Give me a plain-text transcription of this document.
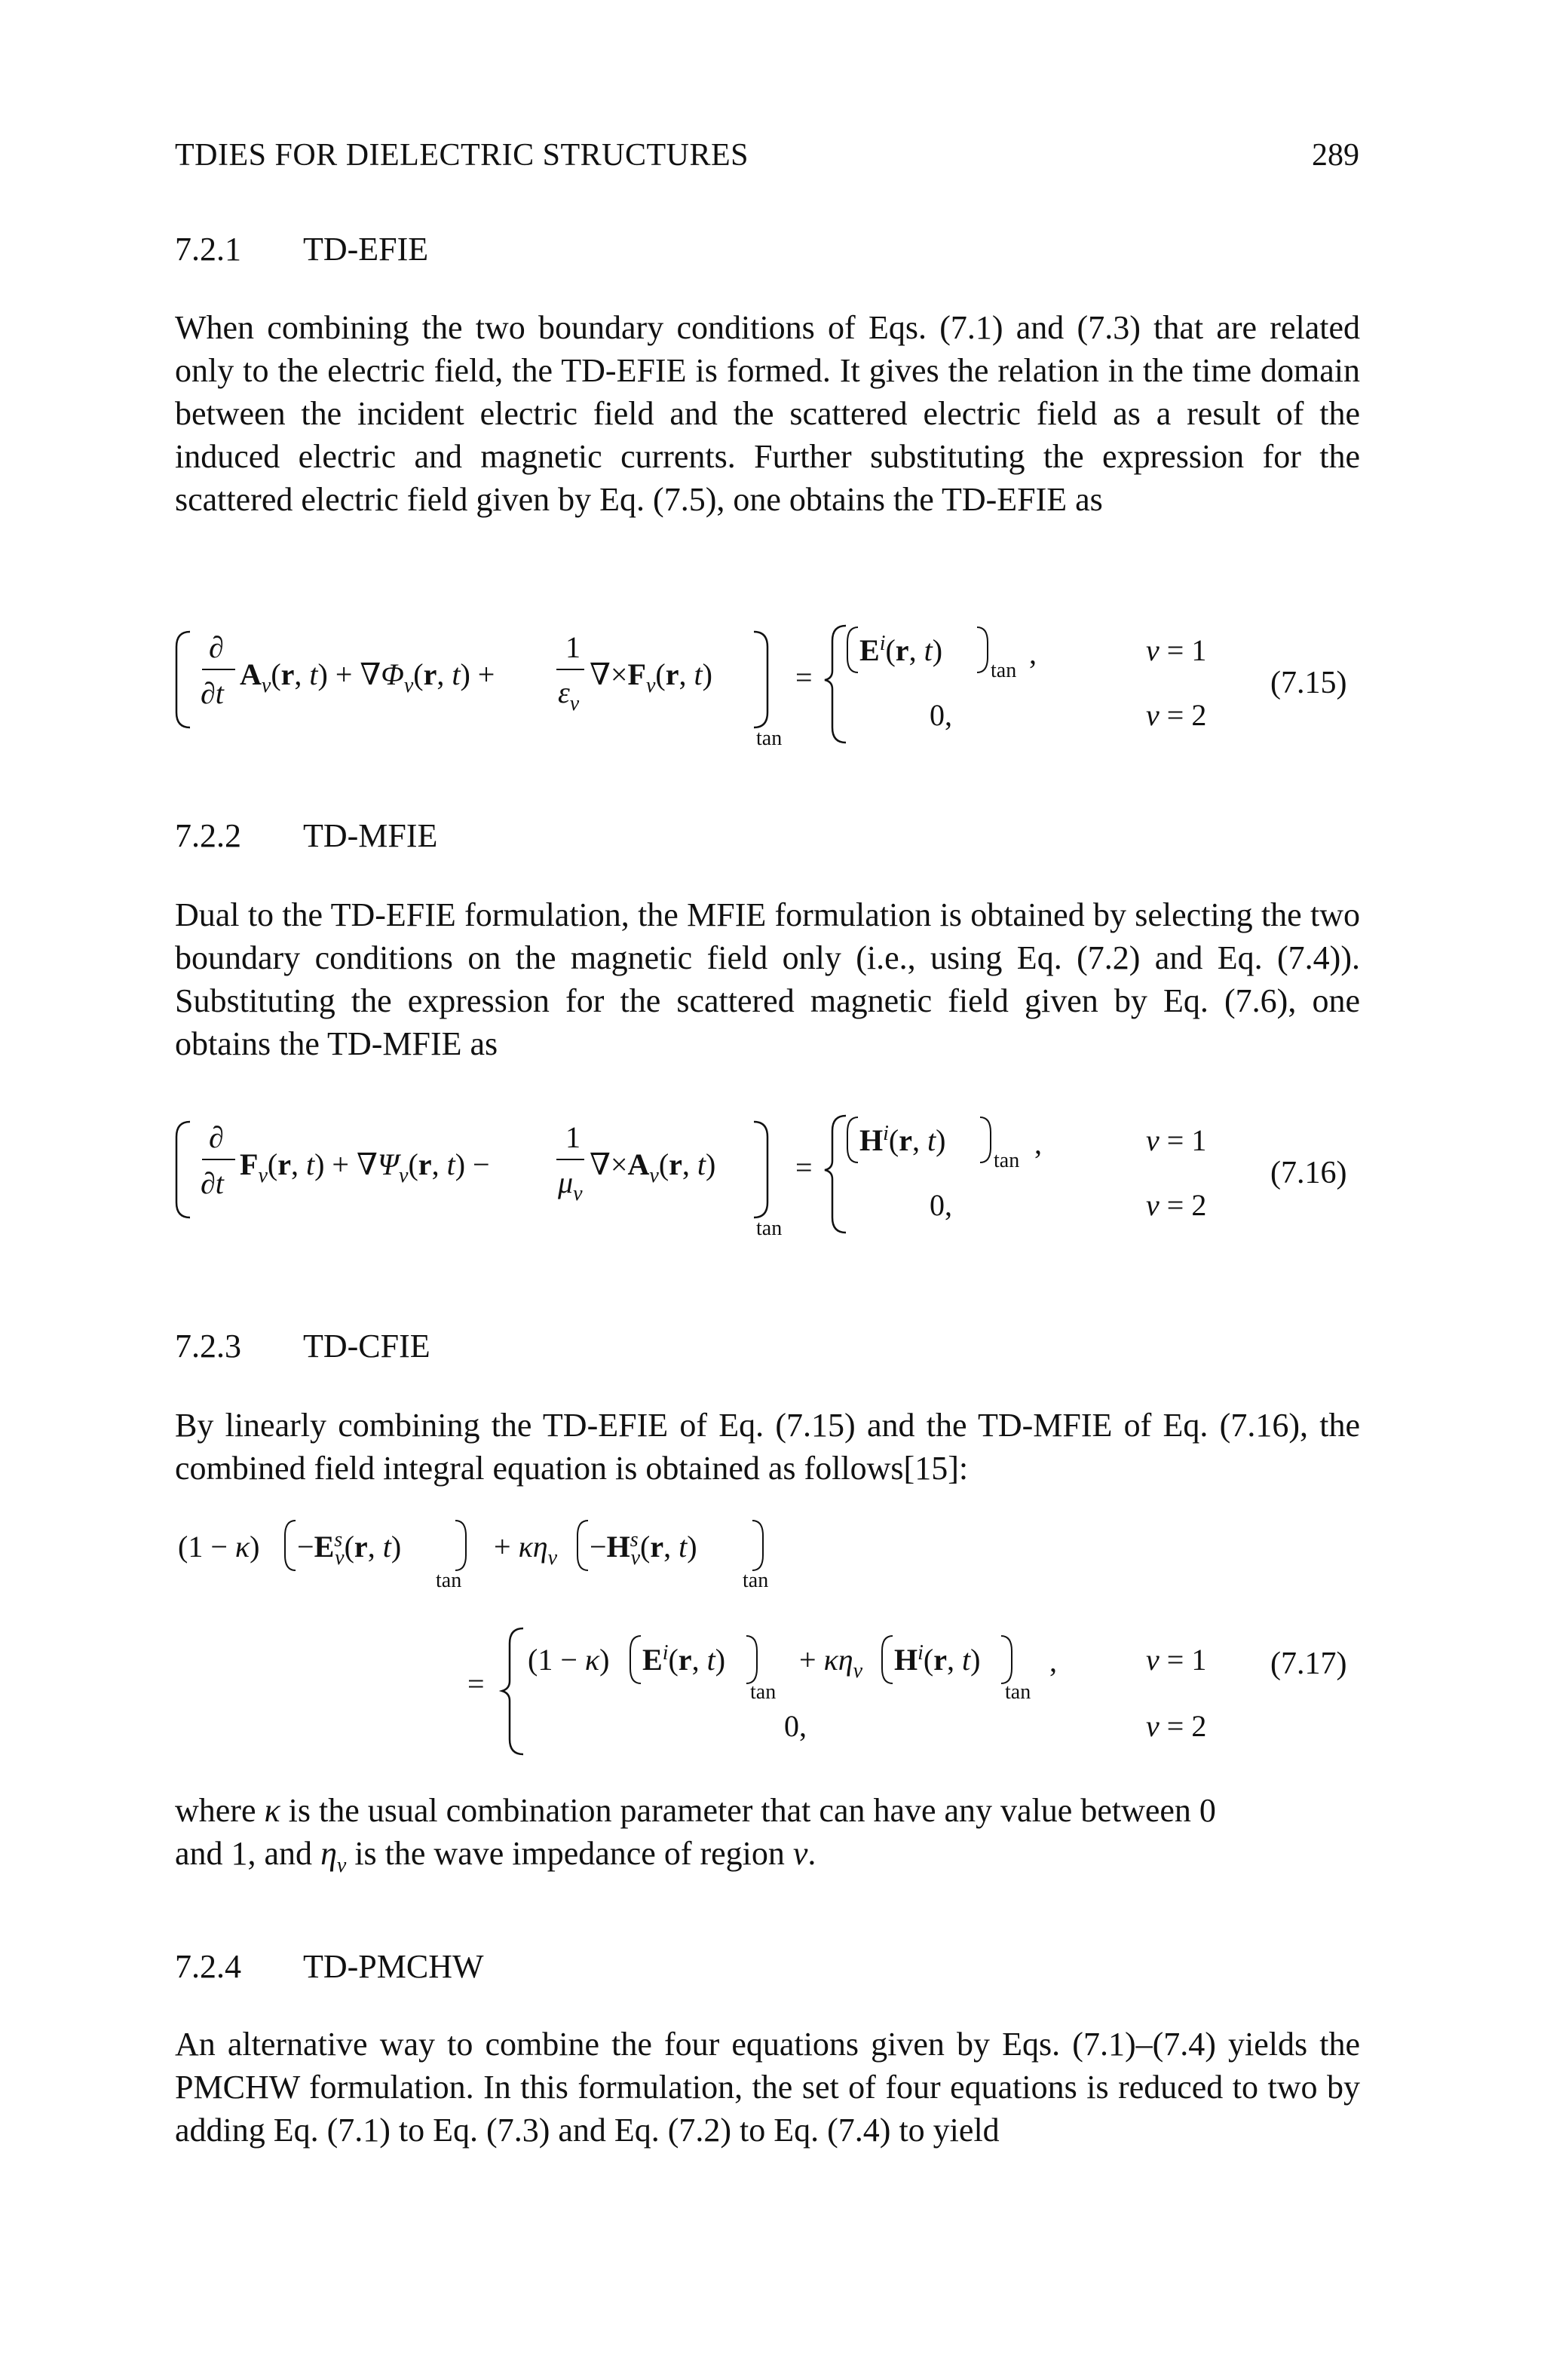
TDIES FOR DIELECTRIC STRUCTURES	289
7.2.1	TD-EFIE
When combining the two boundary conditions of Eqs. (7.1) and (7.3) that are related only to the electric field, the TD-EFIE is formed. It gives the relation in the time domain between the incident electric field and the scattered electric field as a result of the induced electric and magnetic currents. Further substituting the expression for the scattered electric field given by Eq. (7.5), one obtains the TD-EFIE as
∂
∂t
$A_\nu(r$, $t) + \nabla\Phi_\nu(r$, t) +
1
$\varepsilon_\nu$
$\nabla\times F_\nu(r$, t)
tan
=
$E^i(r$, t)
tan
,	ν = 1
0,	ν = 2
(7.15)
7.2.2	TD-MFIE
Dual to the TD-EFIE formulation, the MFIE formulation is obtained by selecting the two boundary conditions on the magnetic field only (i.e., using Eq. (7.2) and Eq. (7.4)). Substituting the expression for the scattered magnetic field given by Eq. (7.6), one obtains the TD-MFIE as
∂
∂t
$F_\nu(r$, $t) + \nabla\Psi_\nu(r$, t) −
1
$\mu_\nu$
$\nabla\times A_\nu(r$, t)
tan
=
$H^i(r$, t)
tan
,	ν = 1
0,	ν = 2
(7.16)
7.2.3	TD-CFIE
By linearly combining the TD-EFIE of Eq. (7.15) and the TD-MFIE of Eq. (7.16), the combined field integral equation is obtained as follows[15]:
$(1 - \kappa) -E^s$ ν(r, t)
tan
+ $\kappa\eta_\nu -H^s$ ν(r, t)
tan
=
(1 − κ) $E^i(r$, t)
tan
+ $\kappa\eta_\nu$ $H^i(r$, t)
tan
,	ν = 1
0,	ν = 2
(7.17)
where κ is the usual combination parameter that can have any value between 0
and 1, and $\eta_\nu$ is the wave impedance of region ν.
7.2.4	TD-PMCHW
An alternative way to combine the four equations given by Eqs. (7.1)–(7.4) yields the PMCHW formulation. In this formulation, the set of four equations is reduced to two by adding Eq. (7.1) to Eq. (7.3) and Eq. (7.2) to Eq. (7.4) to yield
